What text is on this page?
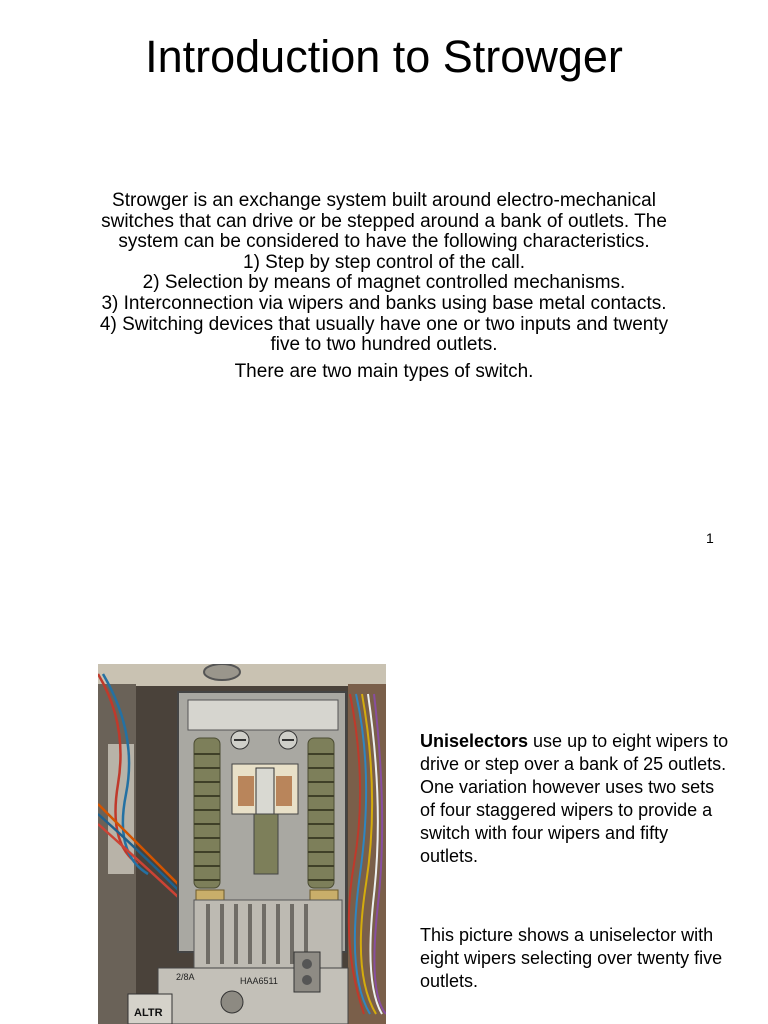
Introduction to Strowger
Strowger is an exchange system built around electro-mechanical
switches that can drive or be stepped around a bank of outlets. The
system can be considered to have the following characteristics.
1) Step by step control of the call.
2) Selection by means of magnet controlled mechanisms.
3) Interconnection via wipers and banks using base metal contacts.
4) Switching devices that usually have one or two inputs and twenty
five to two hundred outlets.
There are two main types of switch.
1
2/8A	HAA6511
ALTR
Uniselectors use up to eight wipers to drive or step over a bank of 25 outlets. One variation however uses two sets of four staggered wipers to provide a switch with four wipers and fifty outlets.
This picture shows a uniselector with eight wipers selecting over twenty five outlets.
